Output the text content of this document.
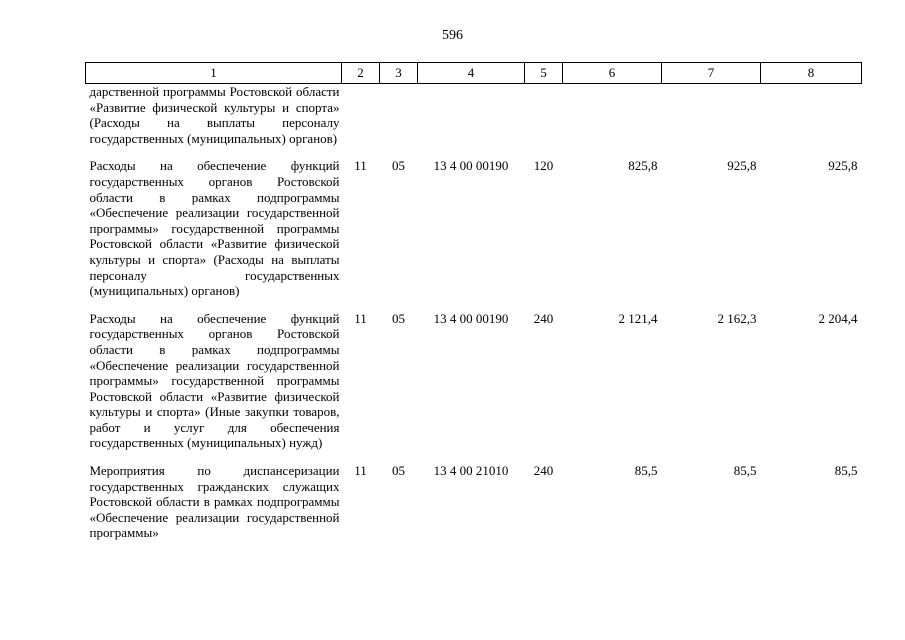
596
1	2	3	4	5	6	7	8

дарственной программы Ростовской области «Развитие физической культуры и спорта» (Расходы на выплаты персоналу государственных (муниципальных) органов)							

Расходы на обеспечение функций государственных органов Ростовской области в рамках подпрограммы «Обеспечение реализации государственной программы» государственной программы Ростовской области «Развитие физической культуры и спорта» (Расходы на выплаты персоналу государственных (муниципальных) органов)	11	05	13 4 00 00190	120	825,8	925,8	925,8

Расходы на обеспечение функций государственных органов Ростовской области в рамках подпрограммы «Обеспечение реализации государственной программы» государственной программы Ростовской области «Развитие физической культуры и спорта» (Иные закупки товаров, работ и услуг для обеспечения государственных (муниципальных) нужд)	11	05	13 4 00 00190	240	2 121,4	2 162,3	2 204,4

Мероприятия по диспансеризации государственных гражданских служащих Ростовской области в рамках подпрограммы «Обеспечение реализации государственной программы»	11	05	13 4 00 21010	240	85,5	85,5	85,5
